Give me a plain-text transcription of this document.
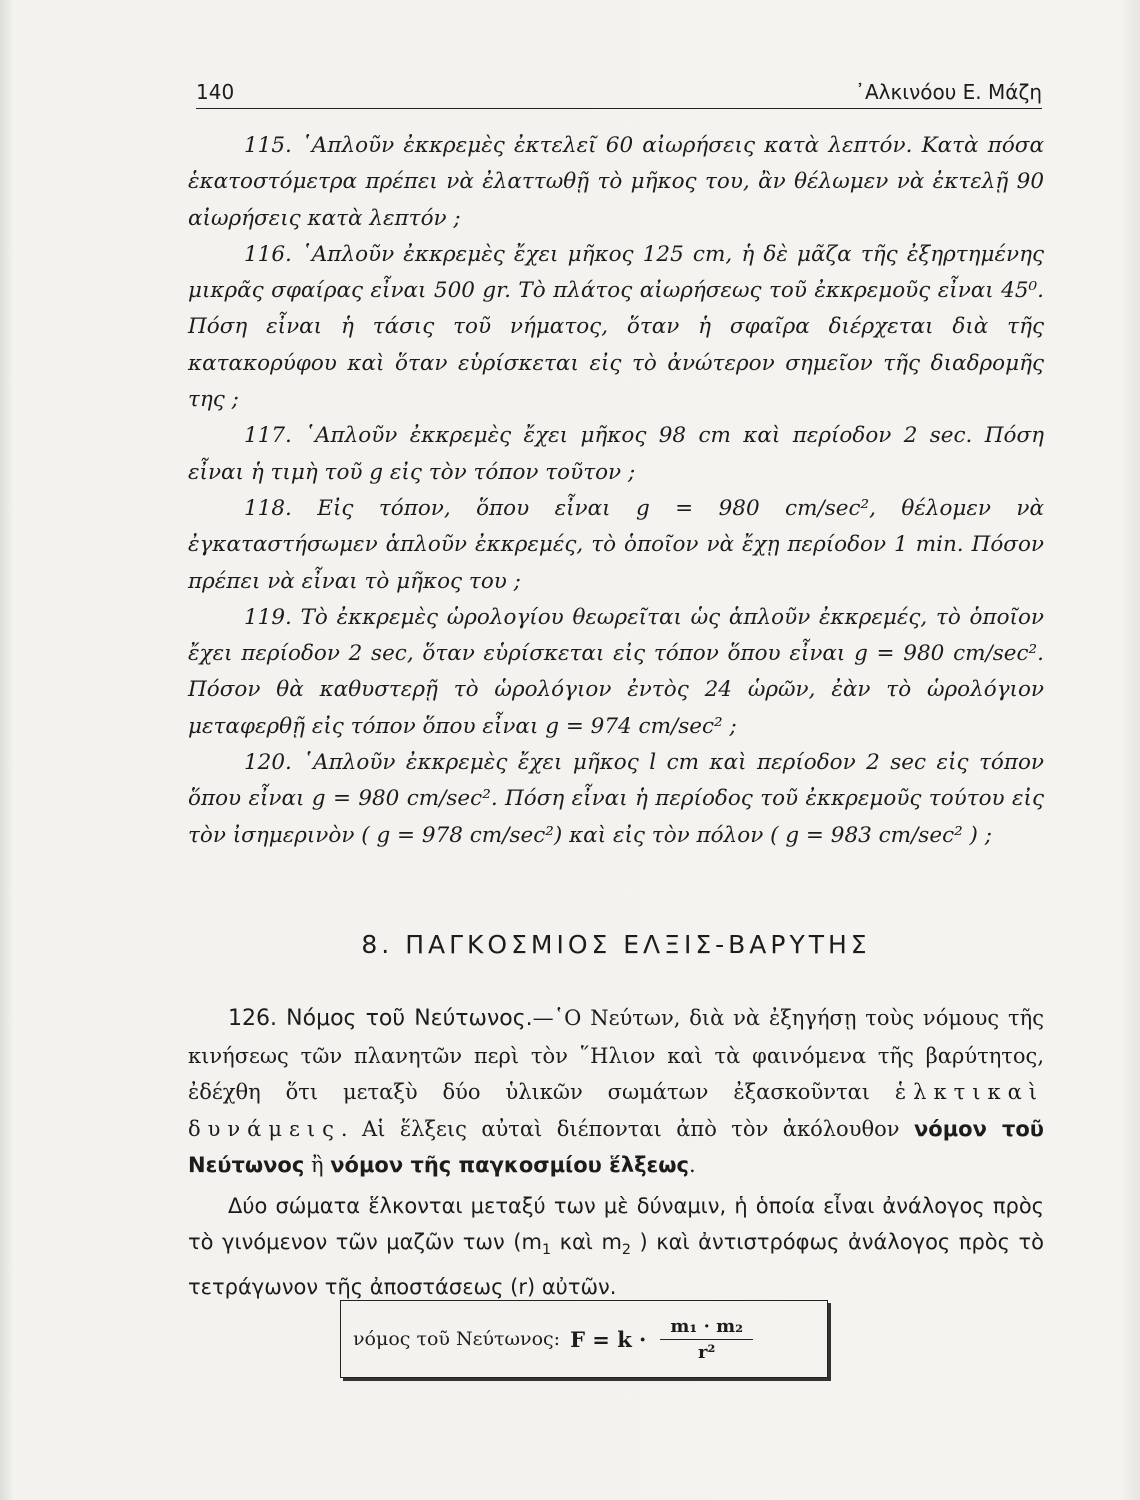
140	᾿Αλκινόου Ε. Μάζη

115. ῾Απλοῦν ἐκκρεμὲς ἐκτελεῖ 60 αἰωρήσεις κατὰ λεπτόν. Κατὰ πόσα ἑκατοστόμετρα πρέπει νὰ ἐλαττωθῇ τὸ μῆκος του, ἂν θέλωμεν νὰ ἐκτελῇ 90 αἰωρήσεις κατὰ λεπτόν ;

116. ῾Απλοῦν ἐκκρεμὲς ἔχει μῆκος 125 cm, ἡ δὲ μᾶζα τῆς ἐξηρτημένης μικρᾶς σφαίρας εἶναι 500 gr. Τὸ πλάτος αἰωρήσεως τοῦ ἐκκρεμοῦς εἶναι 45⁰. Πόση εἶναι ἡ τάσις τοῦ νήματος, ὅταν ἡ σφαῖρα διέρχεται διὰ τῆς κατακορύφου καὶ ὅταν εὑρίσκεται εἰς τὸ ἀνώτερον σημεῖον τῆς διαδρομῆς της ;

117. ῾Απλοῦν ἐκκρεμὲς ἔχει μῆκος 98 cm καὶ περίοδον 2 sec. Πόση εἶναι ἡ τιμὴ τοῦ g εἰς τὸν τόπον τοῦτον ;

118. Εἰς τόπον, ὅπου εἶναι g = 980 cm/sec², θέλομεν νὰ ἐγκαταστήσωμεν ἁπλοῦν ἐκκρεμές, τὸ ὁποῖον νὰ ἔχῃ περίοδον 1 min. Πόσον πρέπει νὰ εἶναι τὸ μῆκος του ;

119. Τὸ ἐκκρεμὲς ὡρολογίου θεωρεῖται ὡς ἁπλοῦν ἐκκρεμές, τὸ ὁποῖον ἔχει περίοδον 2 sec, ὅταν εὑρίσκεται εἰς τόπον ὅπου εἶναι g = 980 cm/sec². Πόσον θὰ καθυστερῇ τὸ ὡρολόγιον ἐντὸς 24 ὡρῶν, ἐὰν τὸ ὡρολόγιον μεταφερθῇ εἰς τόπον ὅπου εἶναι g = 974 cm/sec² ;

120. ῾Απλοῦν ἐκκρεμὲς ἔχει μῆκος l cm καὶ περίοδον 2 sec εἰς τόπον ὅπου εἶναι g = 980 cm/sec². Πόση εἶναι ἡ περίοδος τοῦ ἐκκρεμοῦς τούτου εἰς τὸν ἰσημερινὸν ( g = 978 cm/sec²) καὶ εἰς τὸν πόλον ( g = 983 cm/sec² ) ;

8. ΠΑΓΚΟΣΜΙΟΣ ΕΛΞΙΣ-ΒΑΡΥΤΗΣ

126. Νόμος τοῦ Νεύτωνος.—῾Ο Νεύτων, διὰ νὰ ἐξηγήσῃ τοὺς νόμους τῆς κινήσεως τῶν πλανητῶν περὶ τὸν ῞Ηλιον καὶ τὰ φαινόμενα τῆς βαρύτητος, ἐδέχθη ὅτι μεταξὺ δύο ὑλικῶν σωμάτων ἐξασκοῦνται ἑλκτικαὶ δυνάμεις. Αἱ ἕλξεις αὐταὶ διέπονται ἀπὸ τὸν ἀκόλουθον νόμον τοῦ Νεύτωνος ἢ νόμον τῆς παγκοσμίου ἕλξεως.

Δύο σώματα ἕλκονται μεταξύ των μὲ δύναμιν, ἡ ὁποία εἶναι ἀνάλογος πρὸς τὸ γινόμενον τῶν μαζῶν των ($m_1$ καὶ $m_2$ ) καὶ ἀντιστρόφως ἀνάλογος πρὸς τὸ τετράγωνον τῆς ἀποστάσεως (r) αὐτῶν.

νόμος τοῦ Νεύτωνος: $F = k \cdot \frac{\text{m₁ · m₂}}{\text{r²}}$
